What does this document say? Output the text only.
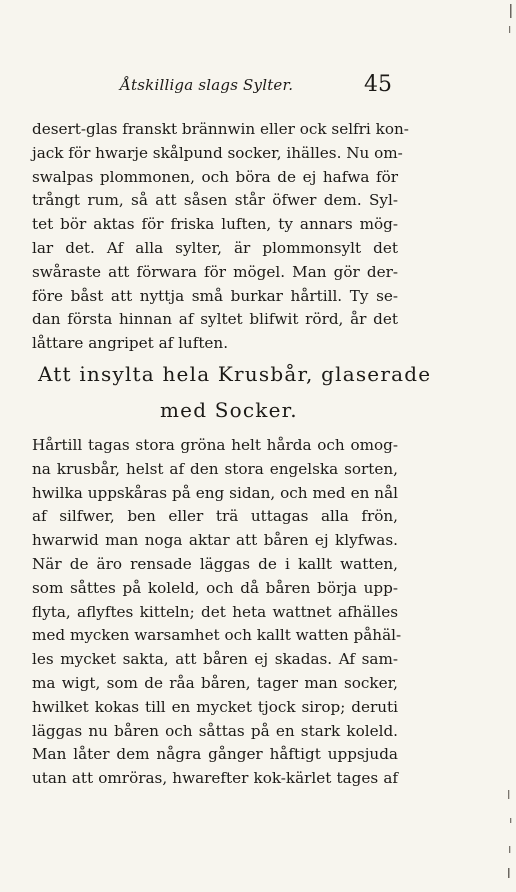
Åtskilliga slags Sylter.	45
desert-glas franskt brännwin eller ock selfri kon-
jack för hwarje skålpund socker, ihälles. Nu om-
swalpas plommonen, och böra de ej hafwa för
trångt rum, så att såsen står öfwer dem. Syl-
tet bör aktas för friska luften, ty annars mög-
lar det. Af alla sylter, är plommonsylt det
swåraste att förwara för mögel. Man gör der-
före båst att nyttja små burkar hårtill. Ty se-
dan första hinnan af syltet blifwit rörd, år det
låttare angripet af luften.
Att insylta hela Krusbår, glaserade
med Socker.
Hårtill tagas stora gröna helt hårda och omog-
na krusbår, helst af den stora engelska sorten,
hwilka uppskåras på eng sidan, och med en nål
af silfwer, ben eller trä uttagas alla frön,
hwarwid man noga aktar att båren ej klyfwas.
När de äro rensade läggas de i kallt watten,
som såttes på koleld, och då båren börja upp-
flyta, aflyftes kitteln; det heta wattnet afhälles
med mycken warsamhet och kallt watten påhäl-
les mycket sakta, att båren ej skadas. Af sam-
ma wigt, som de råa båren, tager man socker,
hwilket kokas till en mycket tjock sirop; deruti
läggas nu båren och såttas på en stark koleld.
Man låter dem några gånger håftigt uppsjuda
utan att omröras, hwarefter kok-kärlet tages af
